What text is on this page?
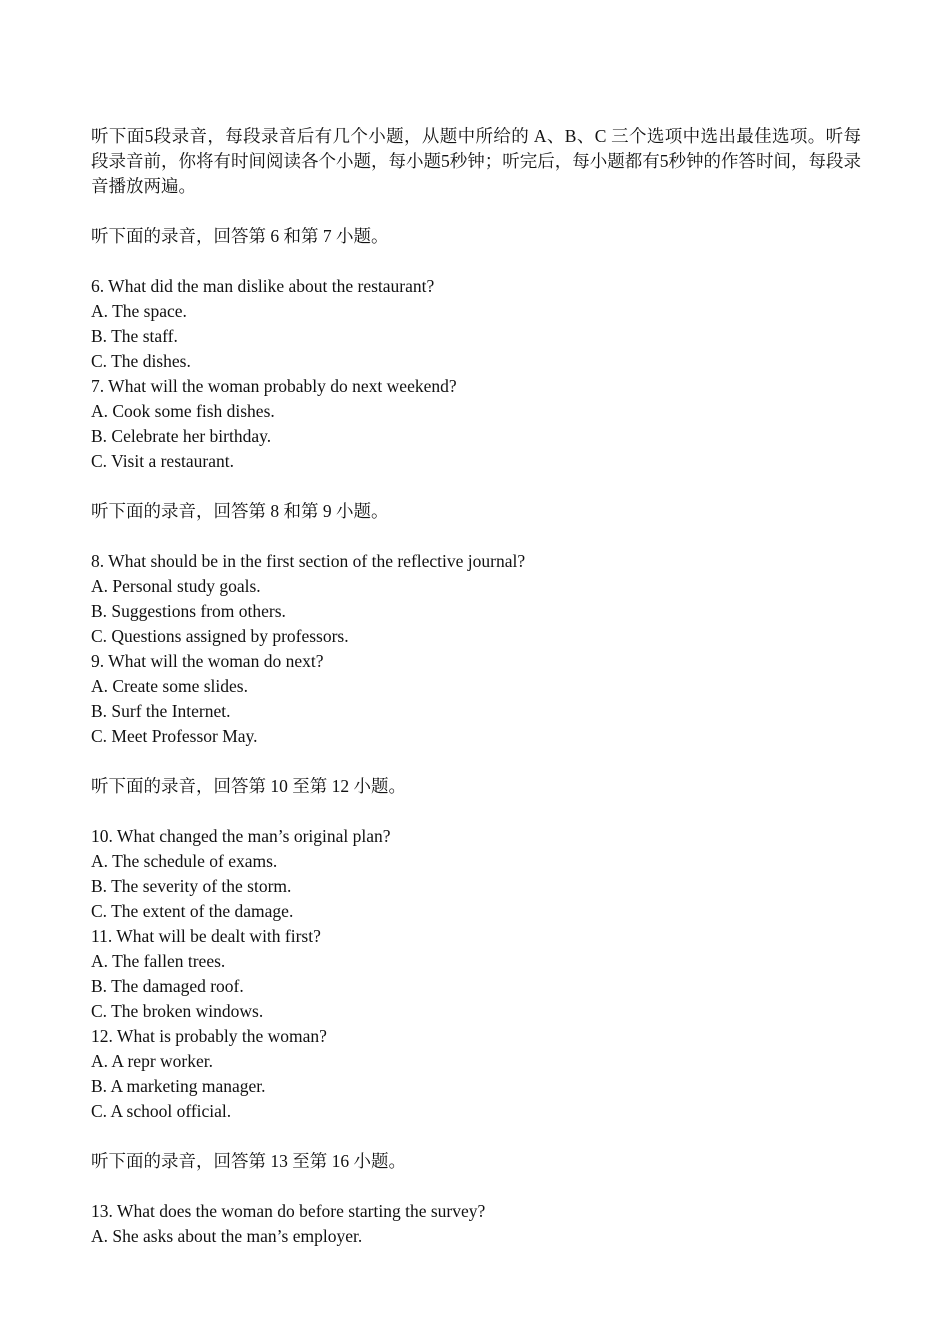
听下面5段录音，每段录音后有几个小题，从题中所给的 A、B、C 三个选项中选出最佳选项。听每段录音前，你将有时间阅读各个小题，每小题5秒钟；听完后，每小题都有5秒钟的作答时间，每段录音播放两遍。

听下面的录音，回答第 6 和第 7 小题。

6. What did the man dislike about the restaurant?

A. The space.

B. The staff.

C. The dishes.

7. What will the woman probably do next weekend?

A. Cook some fish dishes.

B. Celebrate her birthday.

C. Visit a restaurant.

听下面的录音，回答第 8 和第 9 小题。

8. What should be in the first section of the reflective journal?

A. Personal study goals.

B. Suggestions from others.

C. Questions assigned by professors.

9. What will the woman do next?

A. Create some slides.

B. Surf the Internet.

C. Meet Professor May.

听下面的录音，回答第 10 至第 12 小题。

10. What changed the man’s original plan?

A. The schedule of exams.

B. The severity of the storm.

C. The extent of the damage.

11. What will be dealt with first?

A. The fallen trees.

B. The damaged roof.

C. The broken windows.

12. What is probably the woman?

A. A repr worker.

B. A marketing manager.

C. A school official.

听下面的录音，回答第 13 至第 16 小题。

13. What does the woman do before starting the survey?

A. She asks about the man’s employer.
